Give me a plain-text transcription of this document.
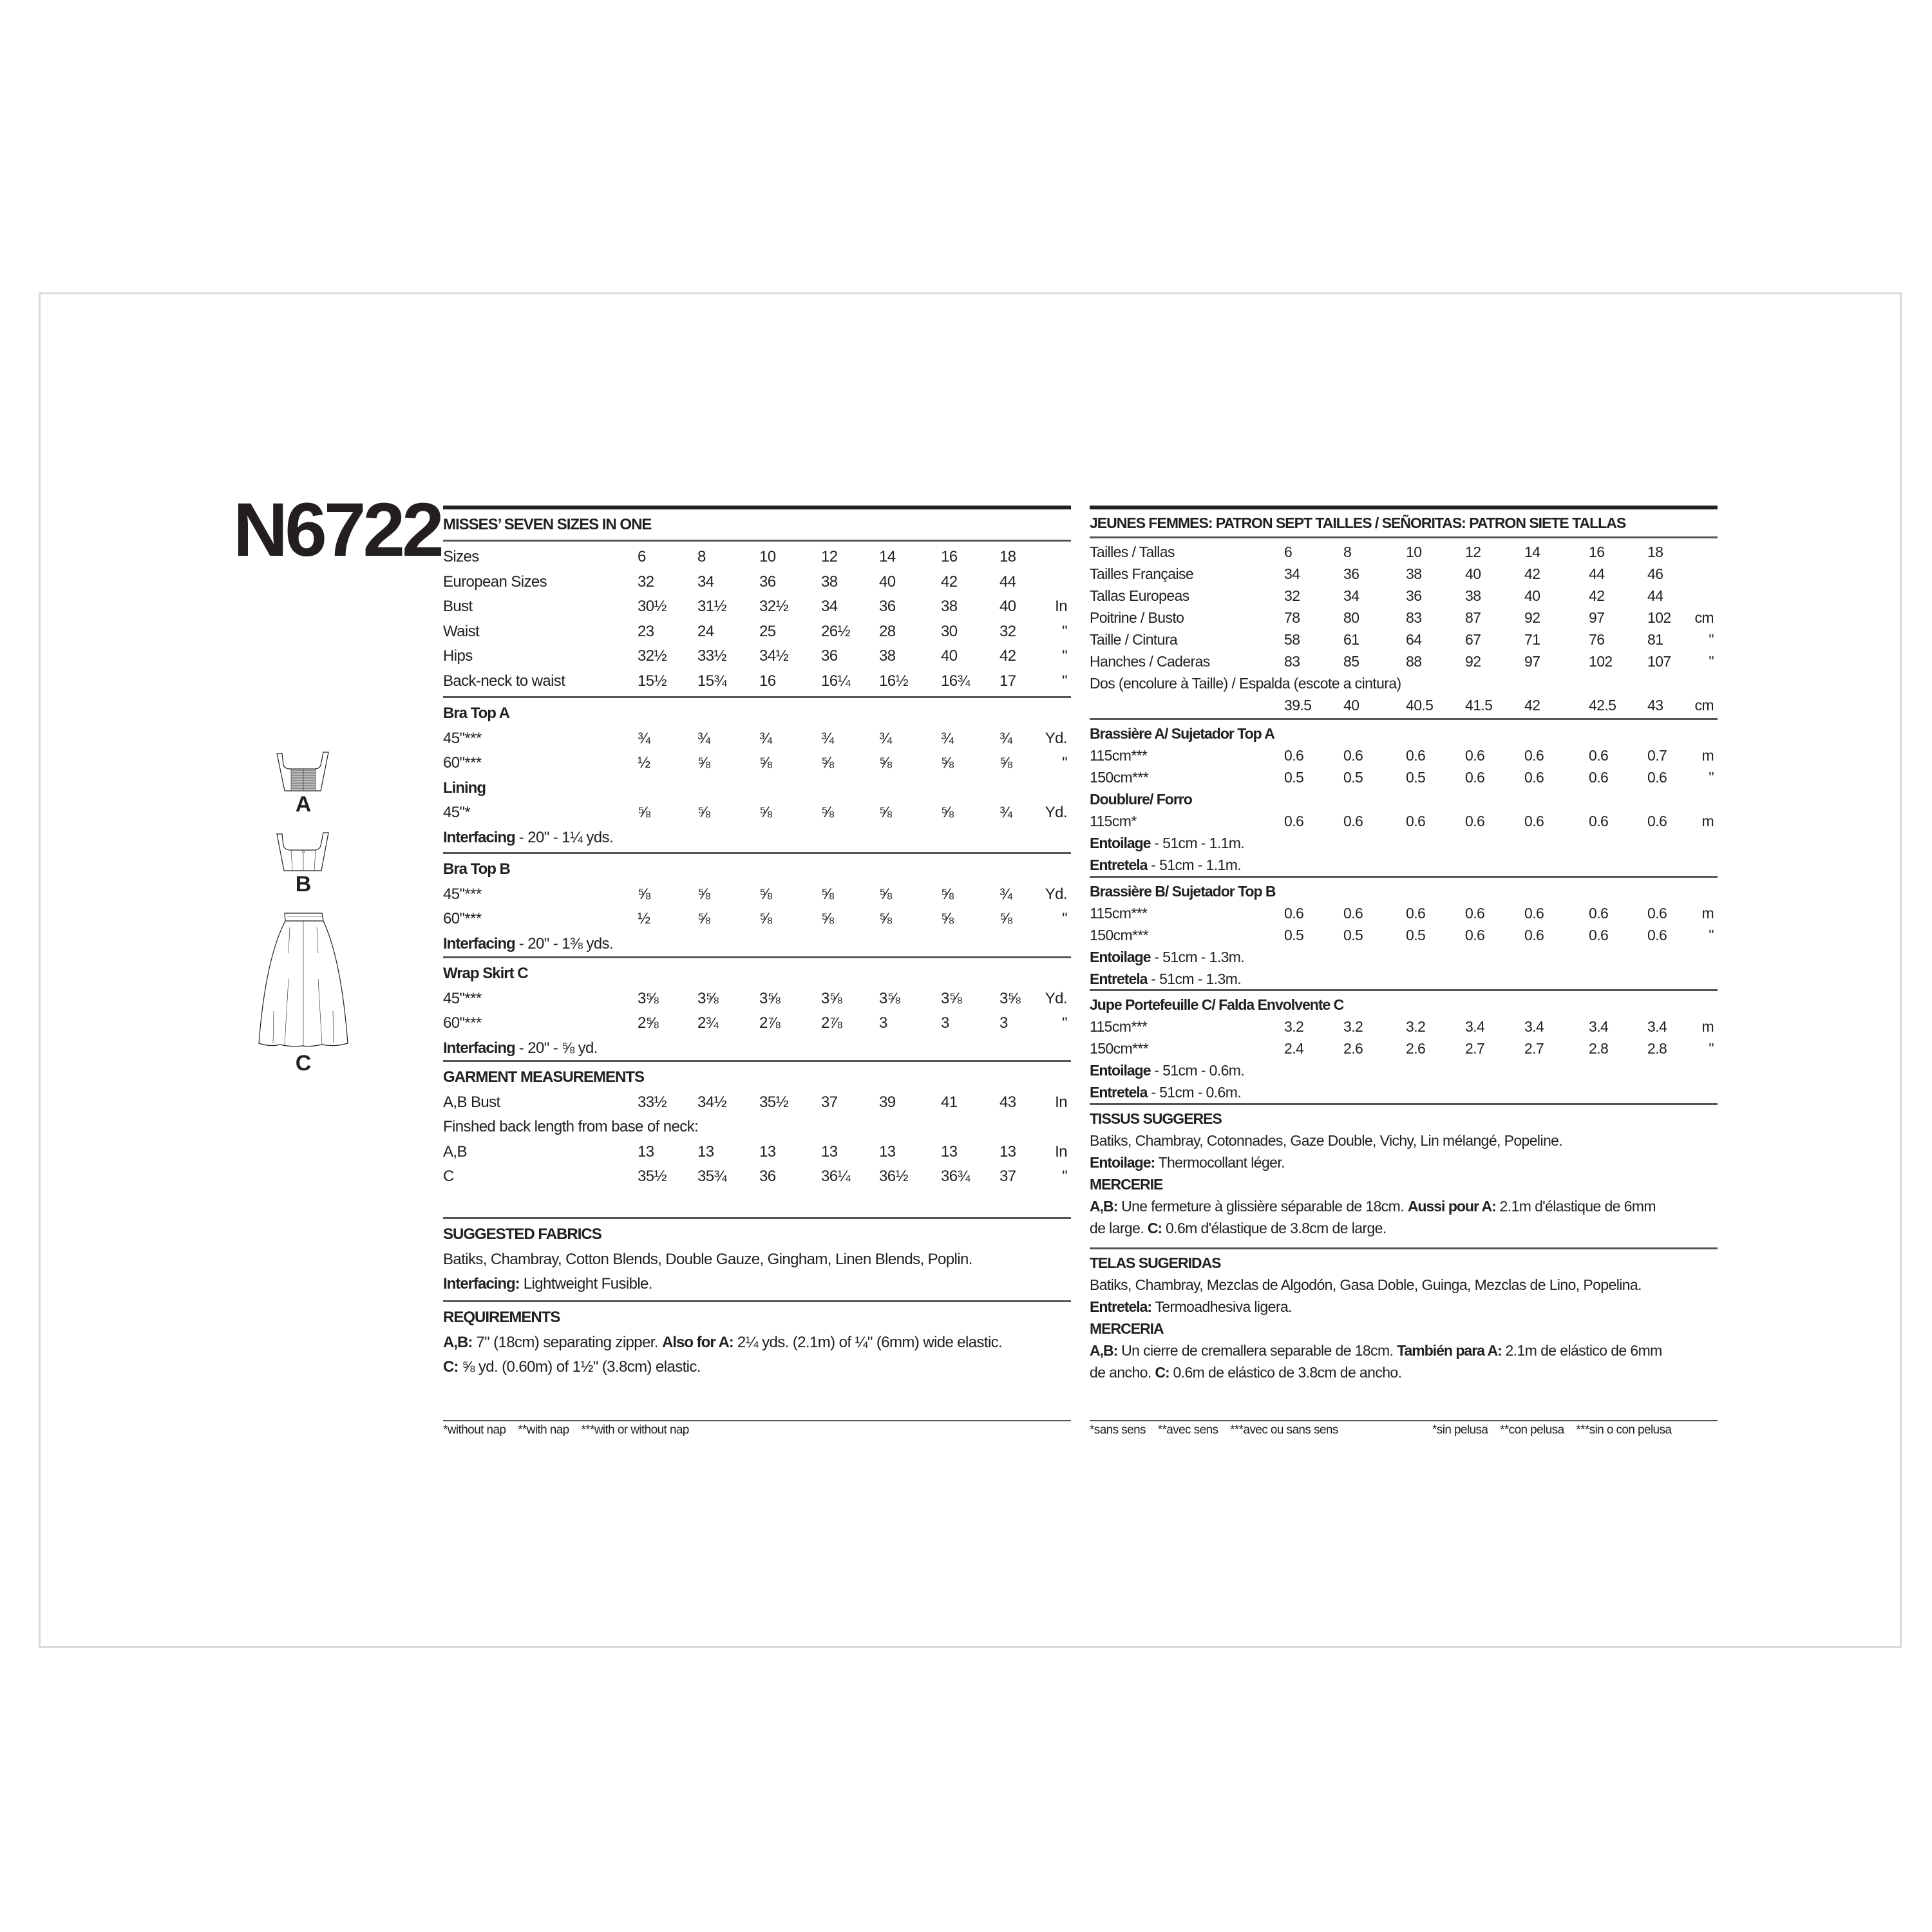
N6722
A
B
C
MISSES’ SEVEN SIZES IN ONE
Sizes	6	8	10	12	14	16	18
European Sizes	32	34	36	38	40	42	44
Bust	30½ 31½ 32½ 34	36	38	40	In
Waist	23	24	25	26½ 28	30	32	"
Hips	32½ 33½ 34½ 36	38	40	42	"
Back-neck to waist	15½ 15¾ 16	16¼ 16½ 16¾ 17	"
Bra Top A
45"***	¾	¾	¾	¾	¾	¾	¾ Yd.
60"***	½	⅝	⅝	⅝	⅝	⅝	⅝	"
Lining
45"*	⅝	⅝	⅝	⅝	⅝	⅝	¾ Yd.
Interfacing - 20" - 1¼ yds.
Bra Top B
45"***	⅝	⅝	⅝	⅝	⅝	⅝	¾ Yd.
60"***	½	⅝	⅝	⅝	⅝	⅝	⅝	"
Interfacing - 20" - 1⅜ yds.
Wrap Skirt C
45"***	3⅝	3⅝	3⅝	3⅝ 3⅝	3⅝ 3⅝ Yd.
60"***	2⅝	2¾	2⅞	2⅞ 3	3	3	"
Interfacing - 20" - ⅝ yd.
GARMENT MEASUREMENTS
A,B Bust	33½ 34½ 35½ 37	39	41	43	In
Finshed back length from base of neck:
A,B	13	13	13	13	13	13	13	In
C	35½ 35¾ 36	36¼ 36½ 36¾ 37	"
SUGGESTED FABRICS
Batiks, Chambray, Cotton Blends, Double Gauze, Gingham, Linen Blends, Poplin.
Interfacing: Lightweight Fusible.
REQUIREMENTS
A,B: 7" (18cm) separating zipper. Also for A: 2¼ yds. (2.1m) of ¼" (6mm) wide elastic.
C: ⅝ yd. (0.60m) of 1½" (3.8cm) elastic.
JEUNES FEMMES: PATRON SEPT TAILLES / SEÑORITAS: PATRON SIETE TALLAS
Tailles / Tallas	6	8	10	12	14	16	18
Tailles Française	34	36	38	40	42	44	46
Tallas Europeas	32	34	36	38	40	42	44
Poitrine / Busto	78	80	83	87	92	97	102 cm
Taille / Cintura	58	61	64	67	71	76	81	"
Hanches / Caderas	83	85	88	92	97	102 107	"
Dos (encolure à Taille) / Espalda (escote a cintura)
39.5 40	40.5 41.5 42	42.5 43 cm
Brassière A/ Sujetador Top A
115cm***	0.6	0.6	0.6	0.6	0.6	0.6	0.7 m
150cm***	0.5	0.5	0.5	0.6	0.6	0.6	0.6	"
Doublure/ Forro
115cm*	0.6	0.6	0.6	0.6	0.6	0.6	0.6 m
Entoilage - 51cm - 1.1m.
Entretela - 51cm - 1.1m.
Brassière B/ Sujetador Top B
115cm***	0.6	0.6	0.6	0.6	0.6	0.6	0.6 m
150cm***	0.5	0.5	0.5	0.6	0.6	0.6	0.6	"
Entoilage - 51cm - 1.3m.
Entretela - 51cm - 1.3m.
Jupe Portefeuille C/ Falda Envolvente C
115cm***	3.2	3.2	3.2	3.4	3.4	3.4	3.4 m
150cm***	2.4	2.6	2.6	2.7	2.7	2.8	2.8	"
Entoilage - 51cm - 0.6m.
Entretela - 51cm - 0.6m.
TISSUS SUGGERES
Batiks, Chambray, Cotonnades, Gaze Double, Vichy, Lin mélangé, Popeline.
Entoilage: Thermocollant léger.
MERCERIE
A,B: Une fermeture à glissière séparable de 18cm. Aussi pour A: 2.1m d'élastique de 6mm
de large. C: 0.6m d'élastique de 3.8cm de large.
TELAS SUGERIDAS
Batiks, Chambray, Mezclas de Algodón, Gasa Doble, Guinga, Mezclas de Lino, Popelina.
Entretela: Termoadhesiva ligera.
MERCERIA
A,B: Un cierre de cremallera separable de 18cm. También para A: 2.1m de elástico de 6mm
de ancho. C: 0.6m de elástico de 3.8cm de ancho.
*without nap **with nap ***with or without nap	*sans sens **avec sens ***avec ou sans sens	*sin pelusa **con pelusa ***sin o con pelusa
